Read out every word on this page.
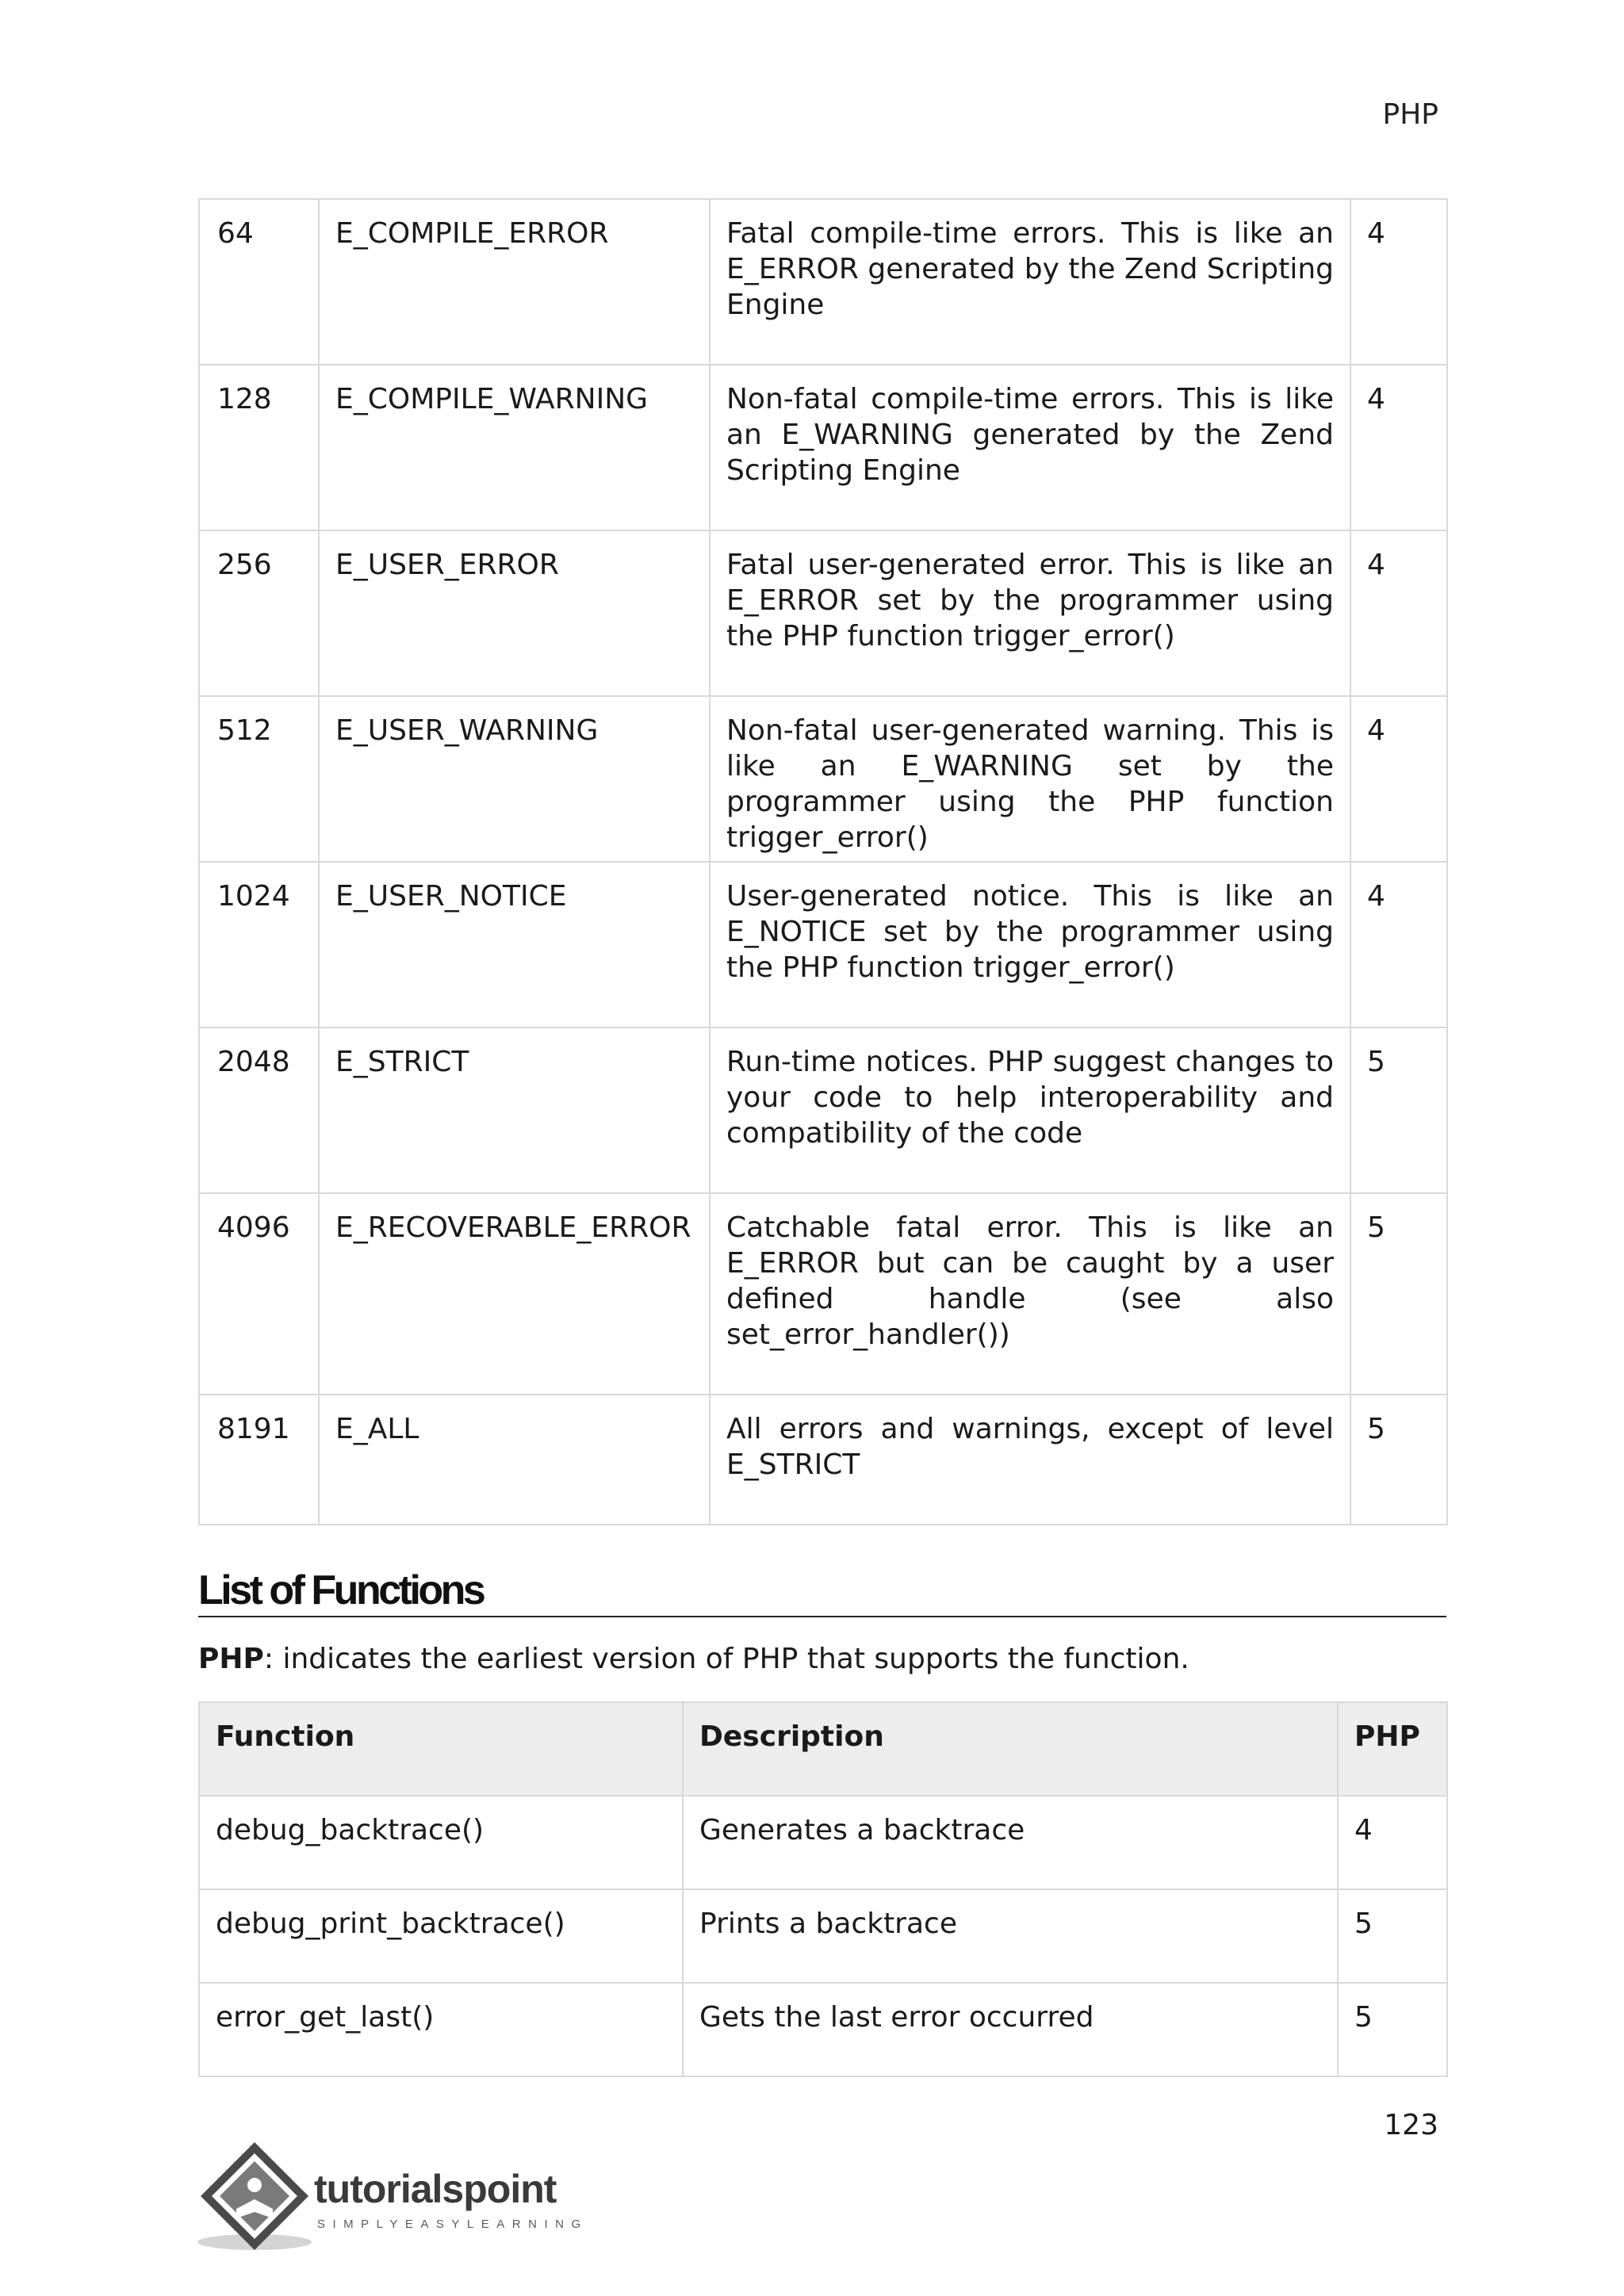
PHP
64	E_COMPILE_ERROR	Fatal compile-time errors. This is like an E_ERROR generated by the Zend Scripting Engine	4
128	E_COMPILE_WARNING	Non-fatal compile-time errors. This is like an E_WARNING generated by the Zend Scripting Engine	4
256	E_USER_ERROR	Fatal user-generated error. This is like an E_ERROR set by the programmer using the PHP function trigger_error()	4
512	E_USER_WARNING	Non-fatal user-generated warning. This is like an E_WARNING set by the programmer using the PHP function trigger_error()	4
1024	E_USER_NOTICE	User-generated notice. This is like an E_NOTICE set by the programmer using the PHP function trigger_error()	4
2048	E_STRICT	Run-time notices. PHP suggest changes to your code to help interoperability and compatibility of the code	5
4096	E_RECOVERABLE_ERROR	Catchable fatal error. This is like an E_ERROR but can be caught by a user defined handle (see also set_error_handler())	5
8191	E_ALL	All errors and warnings, except of level E_STRICT	5
List of Functions
PHP: indicates the earliest version of PHP that supports the function.
Function	Description	PHP
debug_backtrace()	Generates a backtrace	4
debug_print_backtrace()	Prints a backtrace	5
error_get_last()	Gets the last error occurred	5
123
tutorialspoint
SIMPLYEASYLEARNING
